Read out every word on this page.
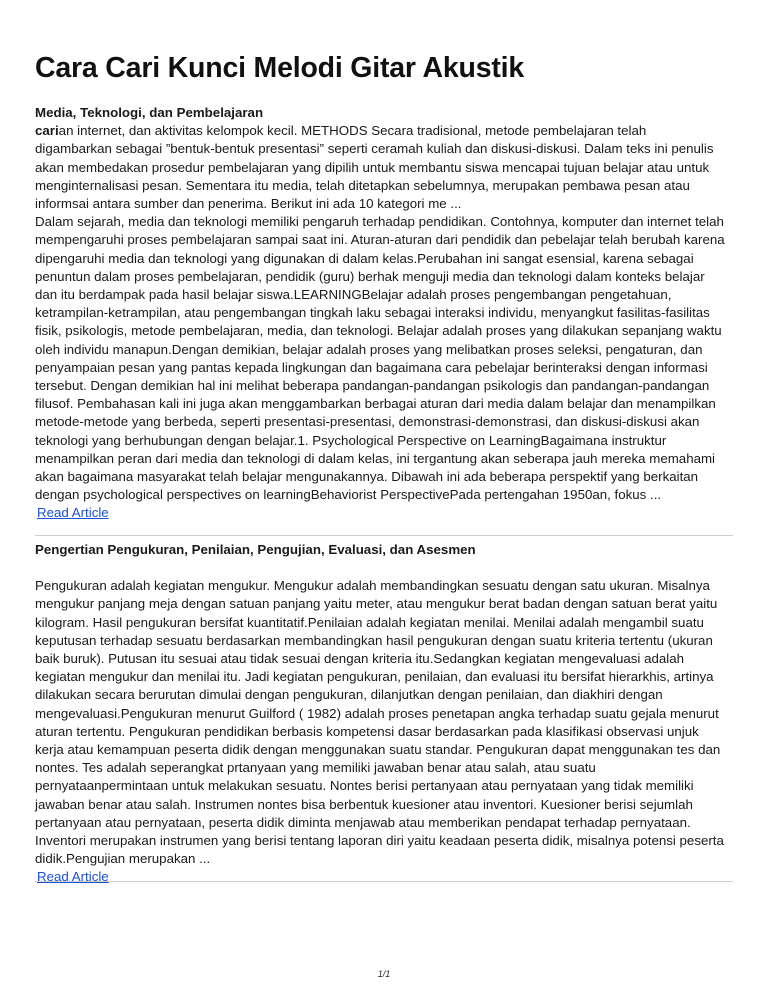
Cara Cari Kunci Melodi Gitar Akustik
Media, Teknologi, dan Pembelajaran

carian internet, dan aktivitas kelompok kecil. METHODS Secara tradisional, metode pembelajaran telah digambarkan sebagai ”bentuk-bentuk presentasi” seperti ceramah kuliah dan diskusi-diskusi. Dalam teks ini penulis akan membedakan prosedur pembelajaran yang dipilih untuk membantu siswa mencapai tujuan belajar atau untuk menginternalisasi pesan. Sementara itu media, telah ditetapkan sebelumnya, merupakan pembawa pesan atau informsai antara sumber dan penerima. Berikut ini ada 10 kategori me ...

Dalam sejarah, media dan teknologi memiliki pengaruh terhadap pendidikan. Contohnya, komputer dan internet telah mempengaruhi proses pembelajaran sampai saat ini. Aturan-aturan dari pendidik dan pebelajar telah berubah karena dipengaruhi media dan teknologi yang digunakan di dalam kelas.Perubahan ini sangat esensial, karena sebagai penuntun dalam proses pembelajaran, pendidik (guru) berhak menguji media dan teknologi dalam konteks belajar dan itu berdampak pada hasil belajar siswa.LEARNINGBelajar adalah proses pengembangan pengetahuan, ketrampilan-ketrampilan, atau pengembangan tingkah laku sebagai interaksi individu, menyangkut fasilitas-fasilitas fisik, psikologis, metode pembelajaran, media, dan teknologi. Belajar adalah proses yang dilakukan sepanjang waktu oleh individu manapun.Dengan demikian, belajar adalah proses yang melibatkan proses seleksi, pengaturan, dan penyampaian pesan yang pantas kepada lingkungan dan bagaimana cara pebelajar berinteraksi dengan informasi tersebut. Dengan demikian hal ini melihat beberapa pandangan-pandangan psikologis dan pandangan-pandangan filusof. Pembahasan kali ini juga akan menggambarkan berbagai aturan dari media dalam belajar dan menampilkan metode-metode yang berbeda, seperti presentasi-presentasi, demonstrasi-demonstrasi, dan diskusi-diskusi akan teknologi yang berhubungan dengan belajar.1. Psychological Perspective on LearningBagaimana instruktur menampilkan peran dari media dan teknologi di dalam kelas, ini tergantung akan seberapa jauh mereka memahami akan bagaimana masyarakat telah belajar mengunakannya. Dibawah ini ada beberapa perspektif yang berkaitan dengan psychological perspectives on learningBehaviorist PerspectivePada pertengahan 1950an, fokus ...

Read Article
Pengertian Pengukuran, Penilaian, Pengujian, Evaluasi, dan Asesmen

Pengukuran adalah kegiatan mengukur. Mengukur adalah membandingkan sesuatu dengan satu ukuran. Misalnya mengukur panjang meja dengan satuan panjang yaitu meter, atau mengukur berat badan dengan satuan berat yaitu kilogram. Hasil pengukuran bersifat kuantitatif.Penilaian adalah kegiatan menilai. Menilai adalah mengambil suatu keputusan terhadap sesuatu berdasarkan membandingkan hasil pengukuran dengan suatu kriteria tertentu (ukuran baik buruk). Putusan itu sesuai atau tidak sesuai dengan kriteria itu.Sedangkan kegiatan mengevaluasi adalah kegiatan mengukur dan menilai itu. Jadi kegiatan pengukuran, penilaian, dan evaluasi itu bersifat hierarkhis, artinya dilakukan secara berurutan dimulai dengan pengukuran, dilanjutkan dengan penilaian, dan diakhiri dengan mengevaluasi.Pengukuran menurut Guilford ( 1982) adalah proses penetapan angka terhadap suatu gejala menurut aturan tertentu. Pengukuran pendidikan berbasis kompetensi dasar berdasarkan pada klasifikasi observasi unjuk kerja atau kemampuan peserta didik dengan menggunakan suatu standar. Pengukuran dapat menggunakan tes dan nontes. Tes adalah seperangkat prtanyaan yang memiliki jawaban benar atau salah, atau suatu pernyataanpermintaan untuk melakukan sesuatu. Nontes berisi pertanyaan atau pernyataan yang tidak memiliki jawaban benar atau salah. Instrumen nontes bisa berbentuk kuesioner atau inventori. Kuesioner berisi sejumlah pertanyaan atau pernyataan, peserta didik diminta menjawab atau memberikan pendapat terhadap pernyataan. Inventori merupakan instrumen yang berisi tentang laporan diri yaitu keadaan peserta didik, misalnya potensi peserta didik.Pengujian merupakan ...

Read Article
1/1
